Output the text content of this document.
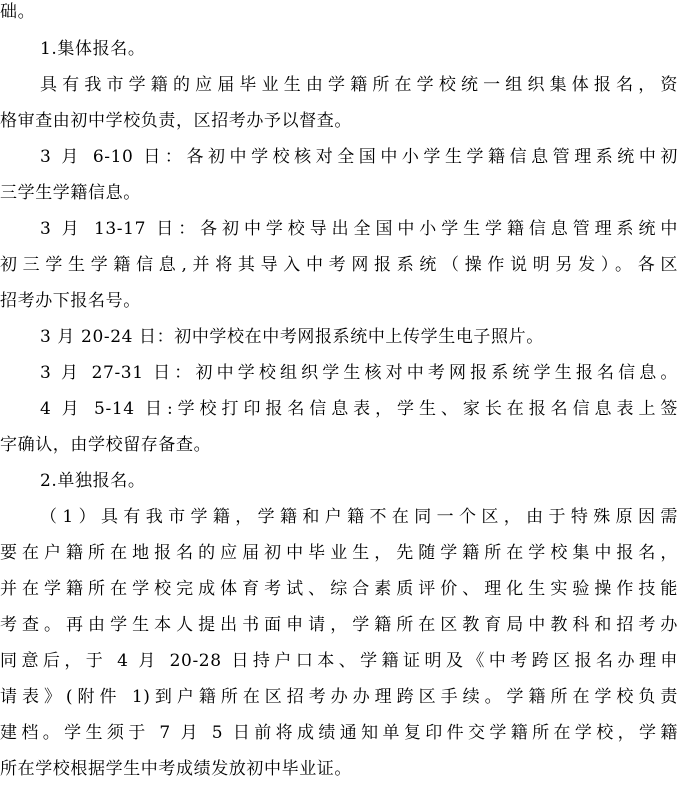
础。
1.集体报名。
具有我市学籍的应届毕业生由学籍所在学校统一组织集体报名，资
格审查由初中学校负责，区招考办予以督查。
3 月 6-10 日：各初中学校核对全国中小学生学籍信息管理系统中初
三学生学籍信息。
3 月 13-17 日：各初中学校导出全国中小学生学籍信息管理系统中
初三学生学籍信息,并将其导入中考网报系统（操作说明另发）。各区
招考办下报名号。
3 月 20-24 日：初中学校在中考网报系统中上传学生电子照片。
3 月 27-31 日：初中学校组织学生核对中考网报系统学生报名信息。
4 月 5-14 日:学校打印报名信息表，学生、家长在报名信息表上签
字确认，由学校留存备查。
2.单独报名。
（1）具有我市学籍，学籍和户籍不在同一个区，由于特殊原因需
要在户籍所在地报名的应届初中毕业生，先随学籍所在学校集中报名，
并在学籍所在学校完成体育考试、综合素质评价、理化生实验操作技能
考查。再由学生本人提出书面申请，学籍所在区教育局中教科和招考办
同意后，于 4 月 20-28 日持户口本、学籍证明及《中考跨区报名办理申
请表》(附件 1)到户籍所在区招考办办理跨区手续。学籍所在学校负责
建档。学生须于 7 月 5 日前将成绩通知单复印件交学籍所在学校，学籍
所在学校根据学生中考成绩发放初中毕业证。
